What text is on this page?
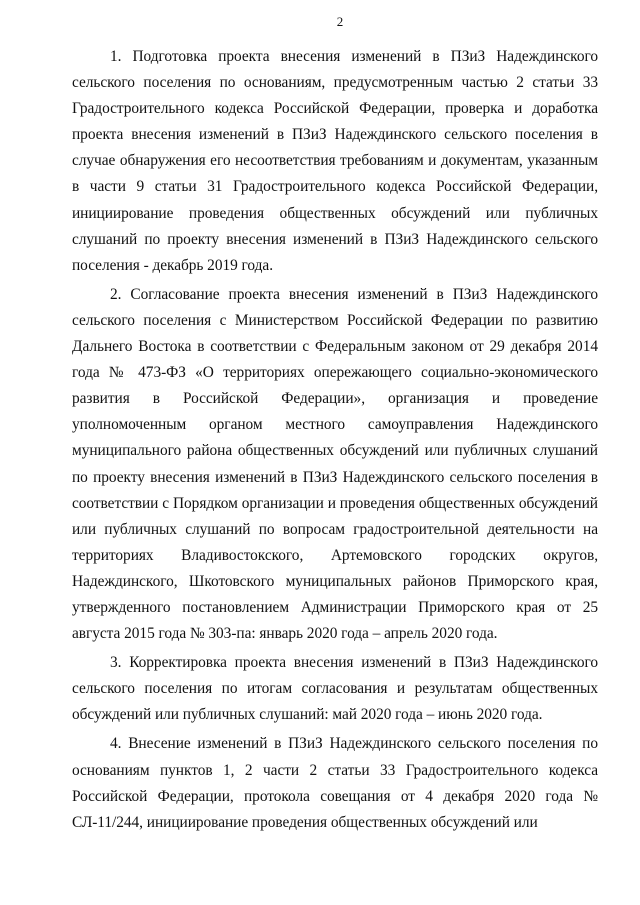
2

1. Подготовка проекта внесения изменений в ПЗиЗ Надеждинского сельского поселения по основаниям, предусмотренным частью 2 статьи 33 Градостроительного кодекса Российской Федерации, проверка и доработка проекта внесения изменений в ПЗиЗ Надеждинского сельского поселения в случае обнаружения его несоответствия требованиям и документам, указанным в части 9 статьи 31 Градостроительного кодекса Российской Федерации, инициирование проведения общественных обсуждений или публичных слушаний по проекту внесения изменений в ПЗиЗ Надеждинского сельского поселения - декабрь 2019 года.

2. Согласование проекта внесения изменений в ПЗиЗ Надеждинского сельского поселения с Министерством Российской Федерации по развитию Дальнего Востока в соответствии с Федеральным законом от 29 декабря 2014 года № 473-ФЗ «О территориях опережающего социально-экономического развития в Российской Федерации», организация и проведение уполномоченным органом местного самоуправления Надеждинского муниципального района общественных обсуждений или публичных слушаний по проекту внесения изменений в ПЗиЗ Надеждинского сельского поселения в соответствии с Порядком организации и проведения общественных обсуждений или публичных слушаний по вопросам градостроительной деятельности на территориях Владивостокского, Артемовского городских округов, Надеждинского, Шкотовского муниципальных районов Приморского края, утвержденного постановлением Администрации Приморского края от 25 августа 2015 года № 303-па: январь 2020 года – апрель 2020 года.

3. Корректировка проекта внесения изменений в ПЗиЗ Надеждинского сельского поселения по итогам согласования и результатам общественных обсуждений или публичных слушаний: май 2020 года – июнь 2020 года.

4. Внесение изменений в ПЗиЗ Надеждинского сельского поселения по основаниям пунктов 1, 2 части 2 статьи 33 Градостроительного кодекса Российской Федерации, протокола совещания от 4 декабря 2020 года № СЛ-11/244, инициирование проведения общественных обсуждений или
